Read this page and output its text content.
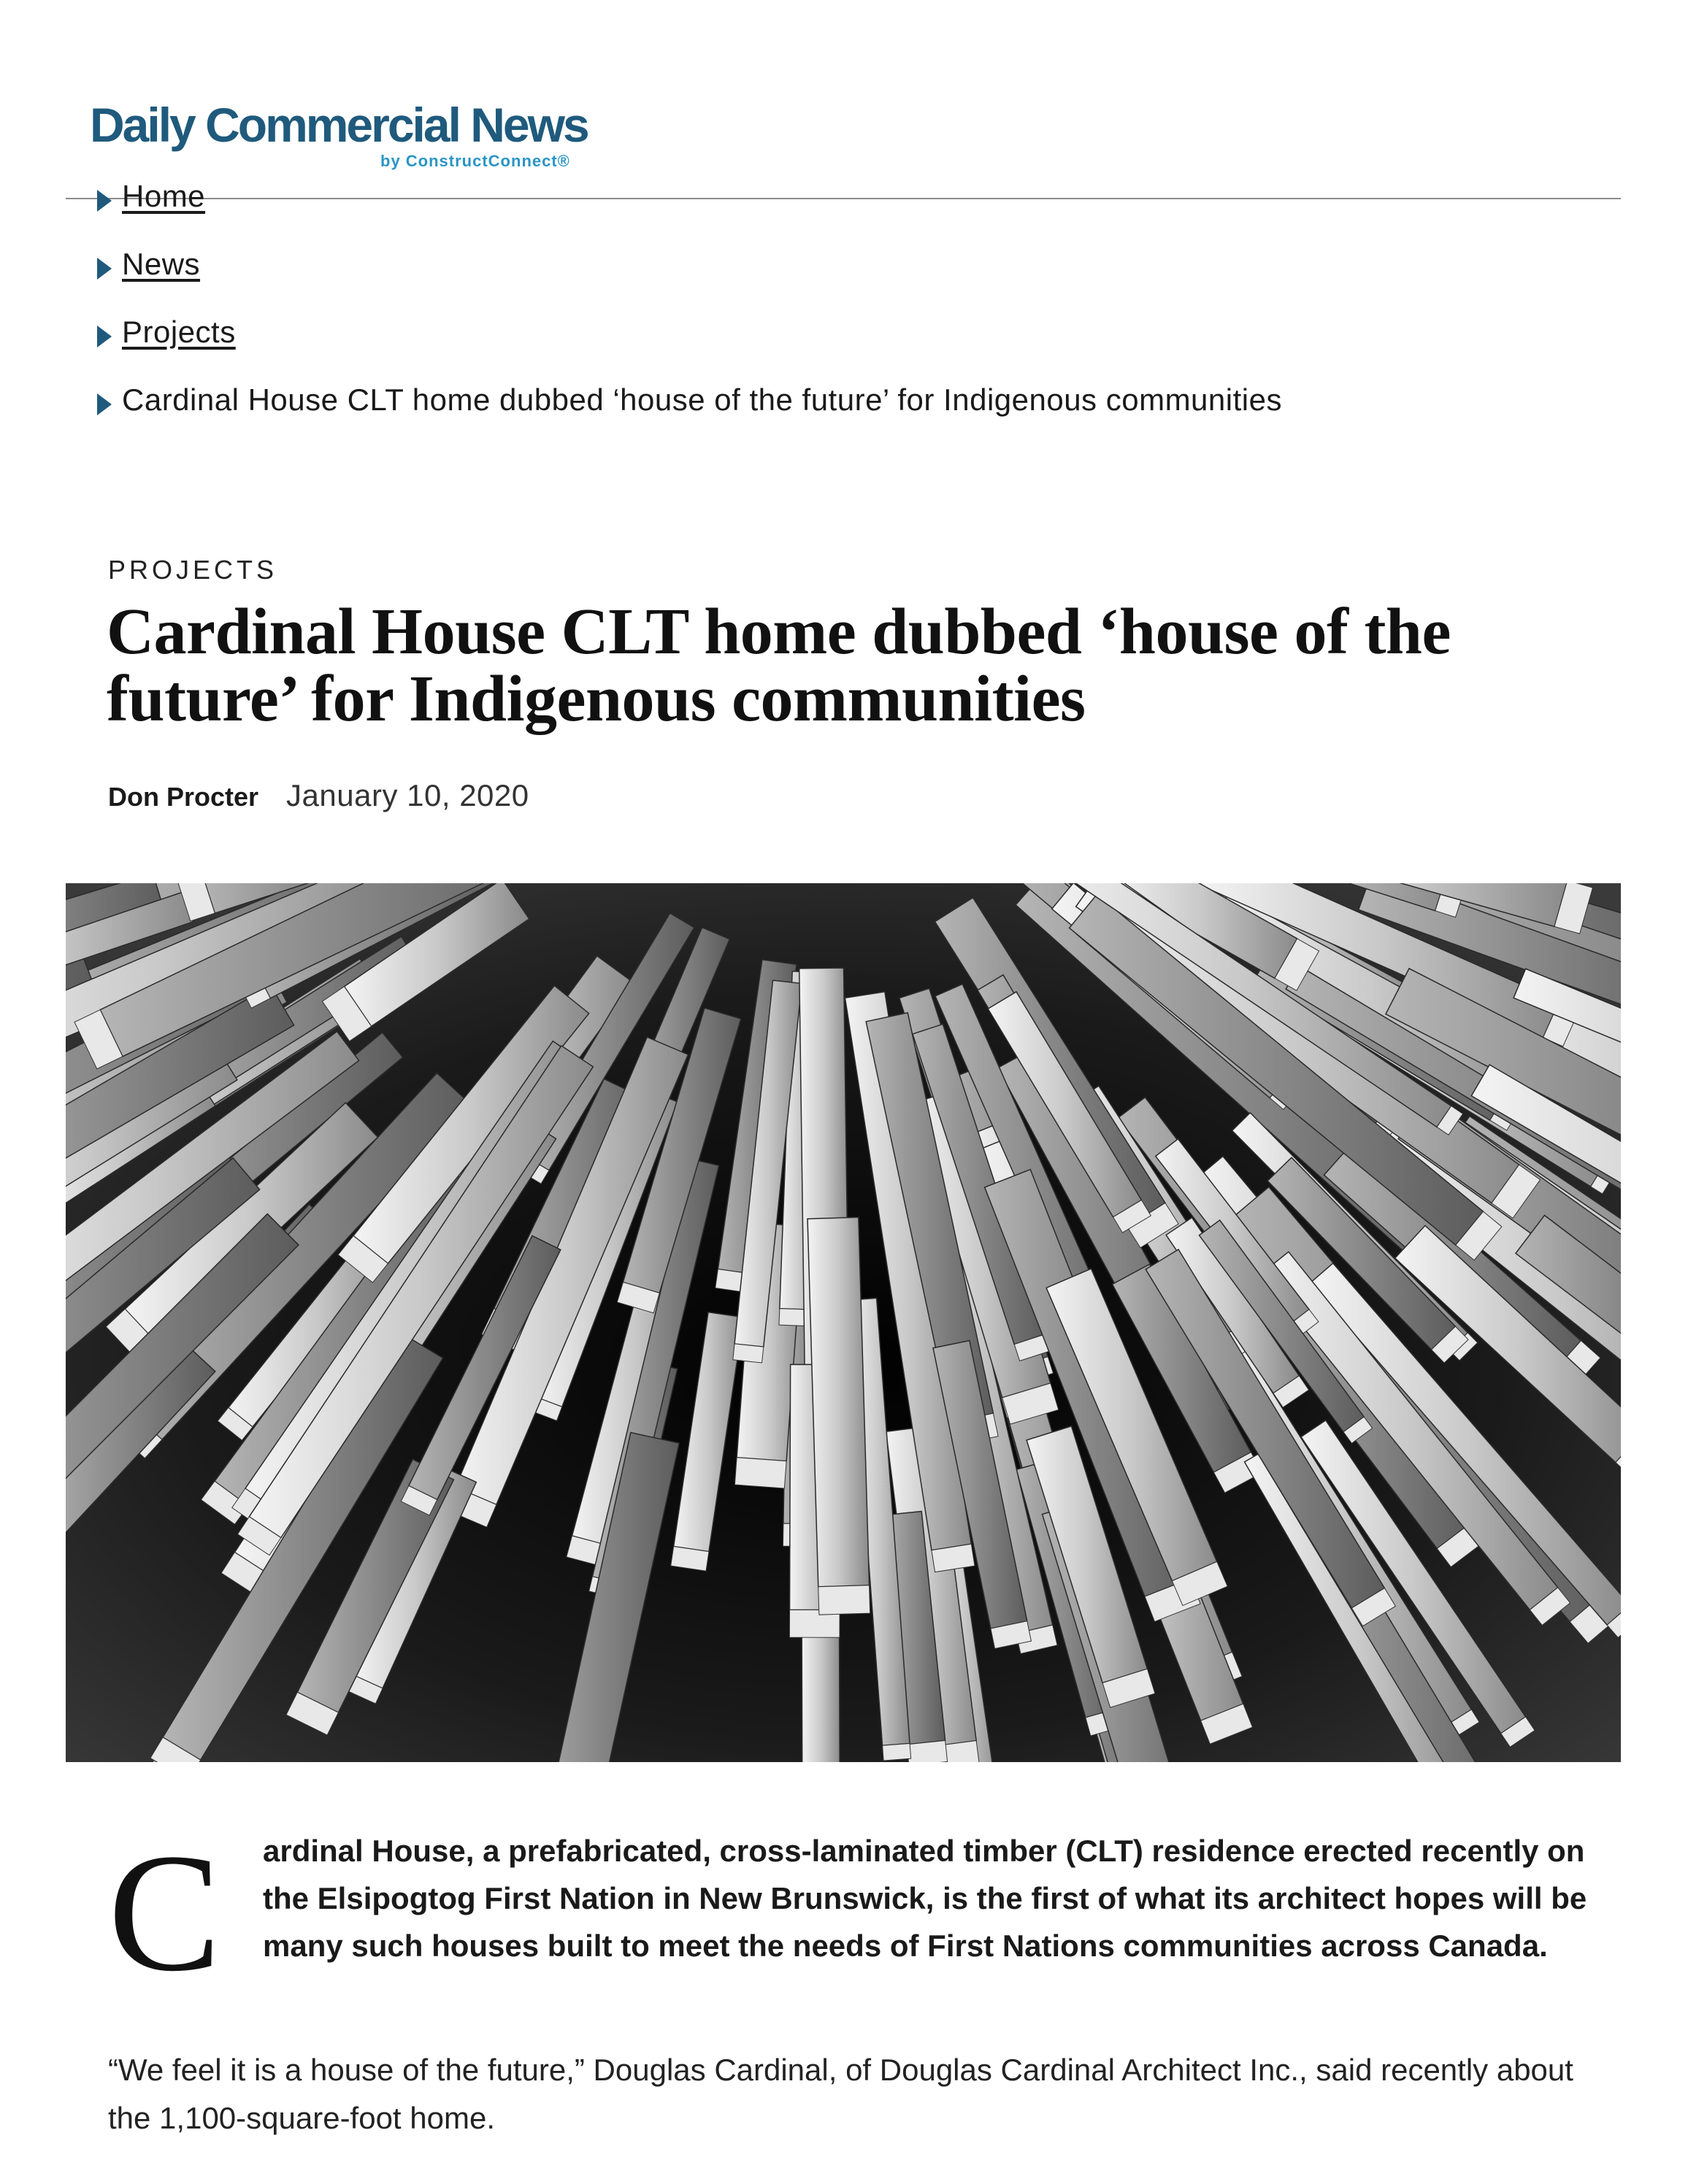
Daily Commercial News
by ConstructConnect®
Home
News
Projects
Cardinal House CLT home dubbed ‘house of the future’ for Indigenous communities
PROJECTS
Cardinal House CLT home dubbed ‘house of the future’ for Indigenous communities
Don Procter January 10, 2020
C ardinal House, a prefabricated, cross-laminated timber (CLT) residence erected recently on the Elsipogtog First Nation in New Brunswick, is the first of what its architect hopes will be many such houses built to meet the needs of First Nations communities across Canada.

“We feel it is a house of the future,” Douglas Cardinal, of Douglas Cardinal Architect Inc., said recently about the 1,100-square-foot home.
